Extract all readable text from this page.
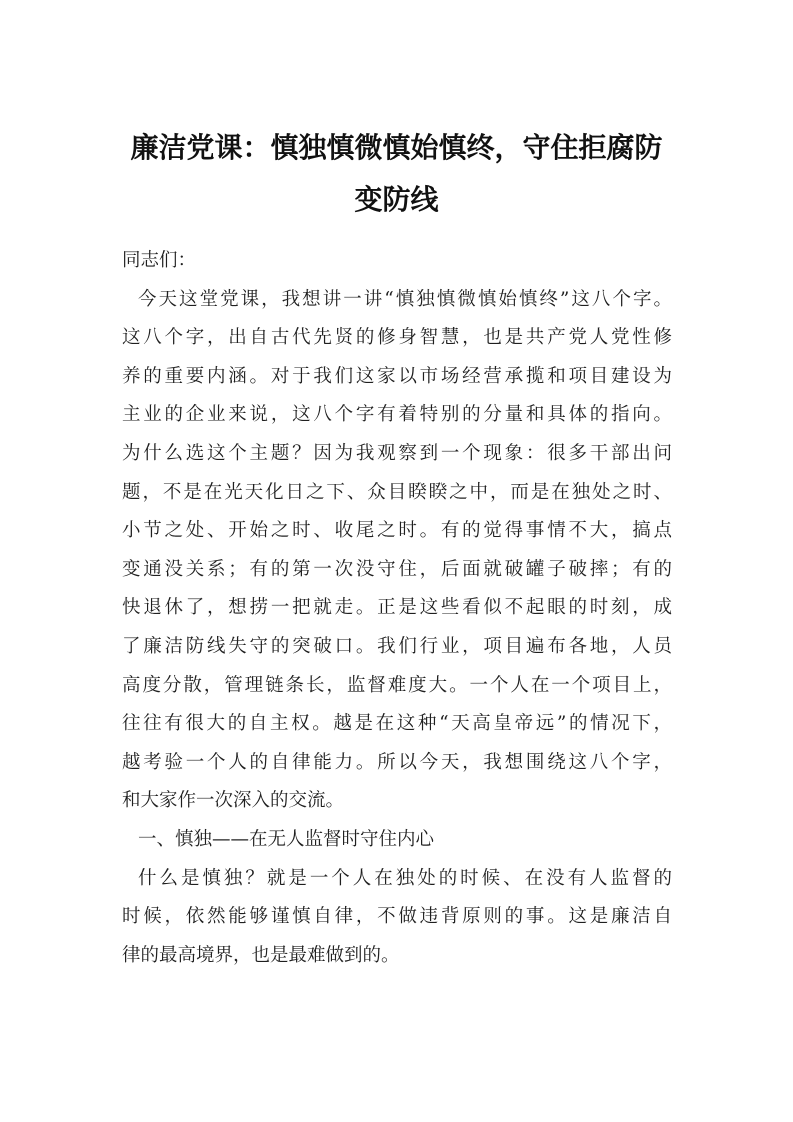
廉洁党课：慎独慎微慎始慎终，守住拒腐防
变防线
同志们：
今天这堂党课，我想讲一讲“慎独慎微慎始慎终”这八个字。
这八个字，出自古代先贤的修身智慧，也是共产党人党性修
养的重要内涵。对于我们这家以市场经营承揽和项目建设为
主业的企业来说，这八个字有着特别的分量和具体的指向。
为什么选这个主题？因为我观察到一个现象：很多干部出问
题，不是在光天化日之下、众目睽睽之中，而是在独处之时、
小节之处、开始之时、收尾之时。有的觉得事情不大，搞点
变通没关系；有的第一次没守住，后面就破罐子破摔；有的
快退休了，想捞一把就走。正是这些看似不起眼的时刻，成
了廉洁防线失守的突破口。我们行业，项目遍布各地，人员
高度分散，管理链条长，监督难度大。一个人在一个项目上，
往往有很大的自主权。越是在这种“天高皇帝远”的情况下，
越考验一个人的自律能力。所以今天，我想围绕这八个字，
和大家作一次深入的交流。
一、慎独——在无人监督时守住内心
什么是慎独？就是一个人在独处的时候、在没有人监督的
时候，依然能够谨慎自律，不做违背原则的事。这是廉洁自
律的最高境界，也是最难做到的。
